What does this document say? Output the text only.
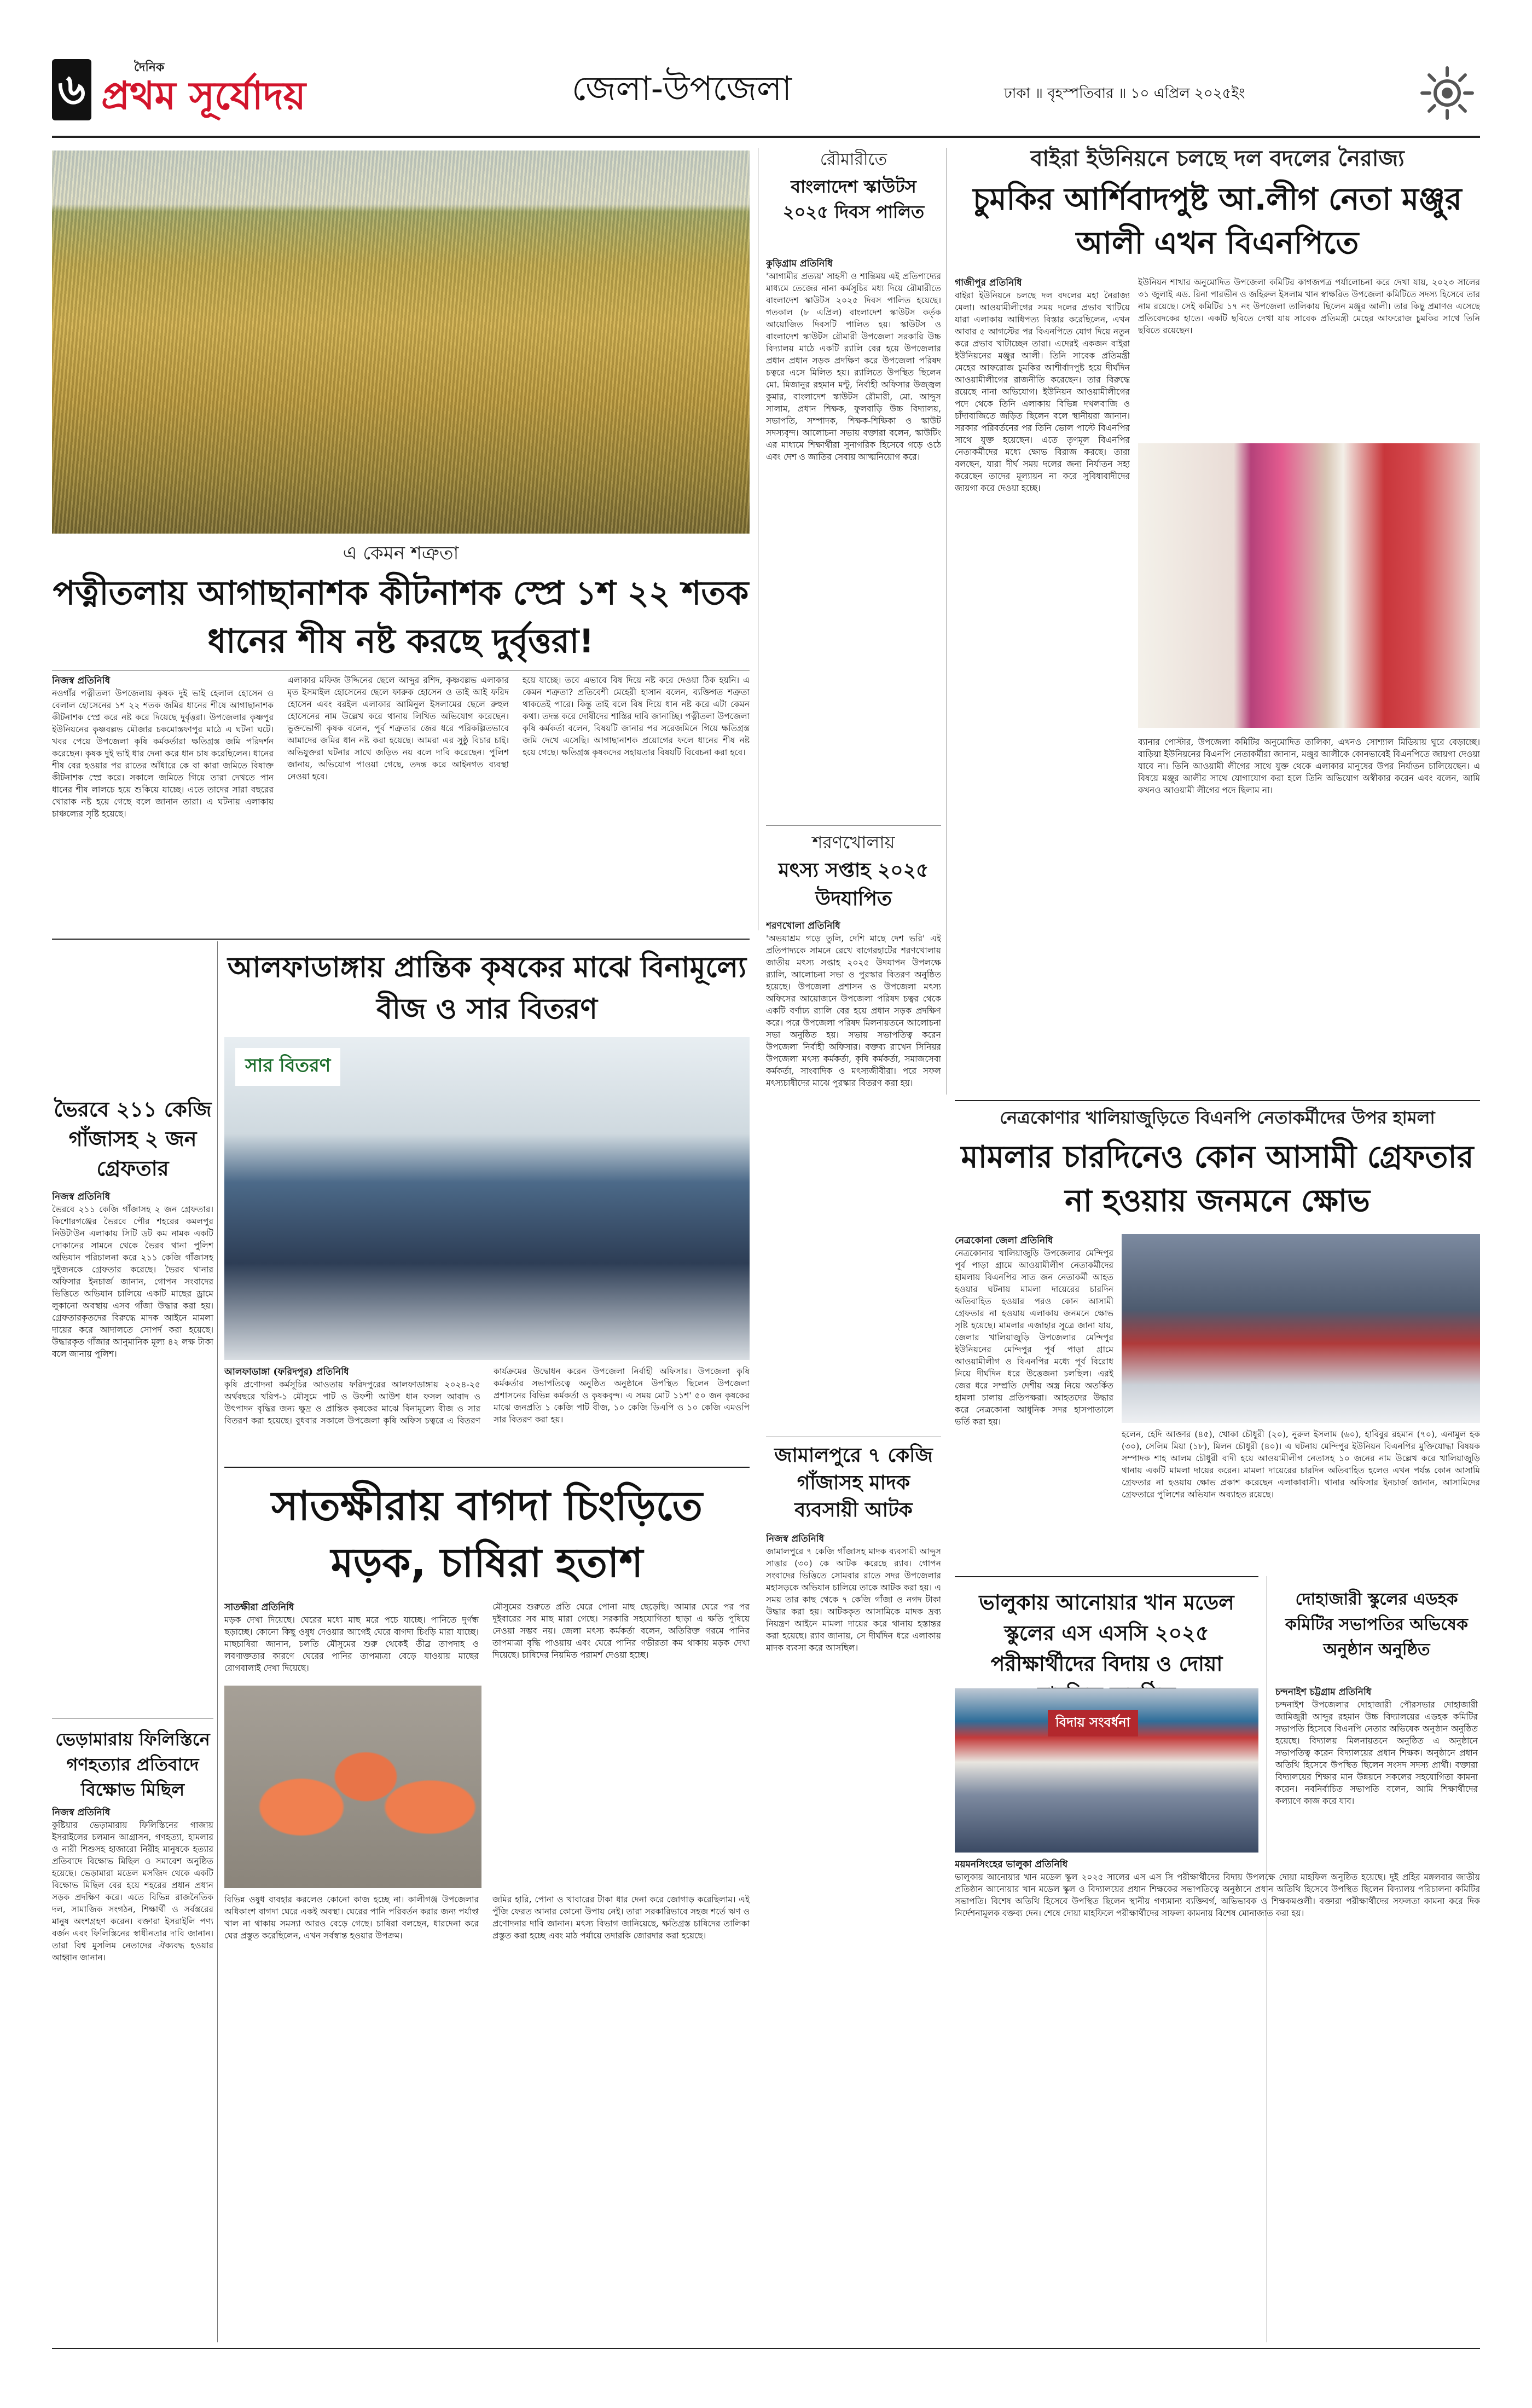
৬	দৈনিক
প্রথম সূর্যোদয়	জেলা-উপজেলা	ঢাকা ॥ বৃহস্পতিবার ॥ ১০ এপ্রিল ২০২৫ইং
এ কেমন শত্রুতা
পত্নীতলায় আগাছানাশক কীটনাশক স্প্রে ১শ ২২ শতক ধানের শীষ নষ্ট করছে দুর্বৃত্তরা!
নিজস্ব প্রতিনিধি
নওগাঁর পত্নীতলা উপজেলায় কৃষক দুই ভাই হেলাল হোসেন ও বেলাল হোসেনের ১শ ২২ শতক জমির ধানের শীষে আগাছানাশক কীটনাশক স্প্রে করে নষ্ট করে দিয়েছে দুর্বৃত্তরা। উপজেলার কৃষ্ণপুর ইউনিয়নের কৃষ্ণবল্লভ মৌজার চকমোস্তফাপুর মাঠে এ ঘটনা ঘটে। খবর পেয়ে উপজেলা কৃষি কর্মকর্তারা ক্ষতিগ্রস্ত জমি পরিদর্শন করেছেন। কৃষক দুই ভাই ধার দেনা করে ধান চাষ করেছিলেন। ধানের শীষ বের হওয়ার পর রাতের আঁধারে কে বা কারা জমিতে বিষাক্ত কীটনাশক স্প্রে করে। সকালে জমিতে গিয়ে তারা দেখতে পান ধানের শীষ লালচে হয়ে শুকিয়ে যাচ্ছে। এতে তাদের সারা বছরের খোরাক নষ্ট হয়ে গেছে বলে জানান তারা। এ ঘটনায় এলাকায় চাঞ্চল্যের সৃষ্টি হয়েছে।
এলাকার মফিজ উদ্দিনের ছেলে আব্দুর রশিদ, কৃষ্ণবল্লভ এলাকার মৃত ইসমাইল হোসেনের ছেলে ফারুক হোসেন ও তাই আই ফরিদ হোসেন এবং বরইল এলাকার আমিনুল ইসলামের ছেলে রুহুল হোসেনের নাম উল্লেখ করে থানায় লিখিত অভিযোগ করেছেন। ভুক্তভোগী কৃষক বলেন, পূর্ব শত্রুতার জের ধরে পরিকল্পিতভাবে আমাদের জমির ধান নষ্ট করা হয়েছে। আমরা এর সুষ্ঠু বিচার চাই। অভিযুক্তরা ঘটনার সাথে জড়িত নয় বলে দাবি করেছেন। পুলিশ জানায়, অভিযোগ পাওয়া গেছে, তদন্ত করে আইনগত ব্যবস্থা নেওয়া হবে।
হয়ে যাচ্ছে। তবে এভাবে বিষ দিয়ে নষ্ট করে দেওয়া ঠিক হয়নি। এ কেমন শত্রুতা? প্রতিবেশী মেহেরী হাসান বলেন, ব্যক্তিগত শত্রুতা থাকতেই পারে। কিন্তু তাই বলে বিষ দিয়ে ধান নষ্ট করে এটা কেমন কথা। তদন্ত করে দোষীদের শাস্তির দাবি জানাচ্ছি। পত্নীতলা উপজেলা কৃষি কর্মকর্তা বলেন, বিষয়টি জানার পর সরেজমিনে গিয়ে ক্ষতিগ্রস্ত জমি দেখে এসেছি। আগাছানাশক প্রয়োগের ফলে ধানের শীষ নষ্ট হয়ে গেছে। ক্ষতিগ্রস্ত কৃষকদের সহায়তার বিষয়টি বিবেচনা করা হবে।
রৌমারীতে
বাংলাদেশ স্কাউটস ২০২৫ দিবস পালিত
কুড়িগ্রাম প্রতিনিধি
'আগামীর প্রত্যয়' সাহসী ও শান্তিময় এই প্রতিপাদ্যের মাধ্যমে তেজের নানা কর্মসূচির মধ্য দিয়ে রৌমারীতে বাংলাদেশ স্কাউটস ২০২৫ দিবস পালিত হয়েছে। গতকাল (৮ এপ্রিল) বাংলাদেশ স্কাউটস কর্তৃক আয়োজিত দিবসটি পালিত হয়। স্কাউটস ও বাংলাদেশ স্কাউটস রৌমারী উপজেলা সরকারি উচ্চ বিদ্যালয় মাঠে একটি র‍্যালি বের হয়ে উপজেলার প্রধান প্রধান সড়ক প্রদক্ষিণ করে উপজেলা পরিষদ চত্বরে এসে মিলিত হয়। র‍্যালিতে উপস্থিত ছিলেন মো. মিজানুর রহমান মন্টু, নির্বাহী অফিসার উজ্জ্বল কুমার, বাংলাদেশ স্কাউটস রৌমারী, মো. আব্দুস সালাম, প্রধান শিক্ষক, ফুলবাড়ি উচ্চ বিদ্যালয়, সভাপতি, সম্পাদক, শিক্ষক-শিক্ষিকা ও স্কাউট সদস্যবৃন্দ। আলোচনা সভায় বক্তারা বলেন, স্কাউটিং এর মাধ্যমে শিক্ষার্থীরা সুনাগরিক হিসেবে গড়ে ওঠে এবং দেশ ও জাতির সেবায় আত্মনিয়োগ করে।
বাইরা ইউনিয়নে চলছে দল বদলের নৈরাজ্য
চুমকির আর্শিবাদপুষ্ট আ.লীগ নেতা মঞ্জুর আলী এখন বিএনপিতে
গাজীপুর প্রতিনিধি
বাইরা ইউনিয়নে চলছে দল বদলের মহা নৈরাজ্য মেলা। আওয়ামীলীগের সময় দলের প্রভাব খাটিয়ে যারা এলাকায় আধিপত্য বিস্তার করেছিলেন, এখন আবার ৫ আগস্টের পর বিএনপিতে যোগ দিয়ে নতুন করে প্রভাব খাটাচ্ছেন তারা। এদেরই একজন বাইরা ইউনিয়নের মঞ্জুর আলী। তিনি সাবেক প্রতিমন্ত্রী মেহের আফরোজ চুমকির আশীর্বাদপুষ্ট হয়ে দীর্ঘদিন আওয়ামীলীগের রাজনীতি করেছেন। তার বিরুদ্ধে রয়েছে নানা অভিযোগ। ইউনিয়ন আওয়ামীলীগের পদে থেকে তিনি এলাকায় বিভিন্ন দখলবাজি ও চাঁদাবাজিতে জড়িত ছিলেন বলে স্থানীয়রা জানান। সরকার পরিবর্তনের পর তিনি ভোল পাল্টে বিএনপির সাথে যুক্ত হয়েছেন। এতে তৃণমূল বিএনপির নেতাকর্মীদের মধ্যে ক্ষোভ বিরাজ করছে। তারা বলছেন, যারা দীর্ঘ সময় দলের জন্য নির্যাতন সহ্য করেছেন তাদের মূল্যায়ন না করে সুবিধাবাদীদের জায়গা করে দেওয়া হচ্ছে।
ইউনিয়ন শাখার অনুমোদিত উপজেলা কমিটির কাগজপত্র পর্যালোচনা করে দেখা যায়, ২০২৩ সালের ৩১ জুলাই এড. রিনা পারভীন ও জহিরুল ইসলাম খান স্বাক্ষরিত উপজেলা কমিটিতে সদস্য হিসেবে তার নাম রয়েছে। সেই কমিটির ১৭ নং উপজেলা তালিকায় ছিলেন মঞ্জুর আলী। তার কিছু প্রমাণও এসেছে প্রতিবেদকের হাতে। একটি ছবিতে দেখা যায় সাবেক প্রতিমন্ত্রী মেহের আফরোজ চুমকির সাথে তিনি ছবিতে রয়েছেন।
ব্যানার পোস্টার, উপজেলা কমিটির অনুমোদিত তালিকা, এখনও সোশ্যাল মিডিয়ায় ঘুরে বেড়াচ্ছে। বাড়িয়া ইউনিয়নের বিএনপি নেতাকর্মীরা জানান, মঞ্জুর আলীকে কোনভাবেই বিএনপিতে জায়গা দেওয়া যাবে না। তিনি আওয়ামী লীগের সাথে যুক্ত থেকে এলাকার মানুষের উপর নির্যাতন চালিয়েছেন। এ বিষয়ে মঞ্জুর আলীর সাথে যোগাযোগ করা হলে তিনি অভিযোগ অস্বীকার করেন এবং বলেন, আমি কখনও আওয়ামী লীগের পদে ছিলাম না।
আলফাডাঙ্গায় প্রান্তিক কৃষকের মাঝে বিনামূল্যে বীজ ও সার বিতরণ
সার বিতরণ
আলফাডাঙ্গা (ফরিদপুর) প্রতিনিধি
কৃষি প্রণোদনা কর্মসূচির আওতায় ফরিদপুরের আলফাডাঙ্গায় ২০২৪-২৫ অর্থবছরে খরিপ-১ মৌসুমে পাট ও উফশী আউশ ধান ফসল আবাদ ও উৎপাদন বৃদ্ধির জন্য ক্ষুদ্র ও প্রান্তিক কৃষকের মাঝে বিনামূল্যে বীজ ও সার বিতরণ করা হয়েছে। বুধবার সকালে উপজেলা কৃষি অফিস চত্বরে এ বিতরণ কার্যক্রমের উদ্বোধন করেন উপজেলা নির্বাহী অফিসার। উপজেলা কৃষি কর্মকর্তার সভাপতিত্বে অনুষ্ঠিত অনুষ্ঠানে উপস্থিত ছিলেন উপজেলা প্রশাসনের বিভিন্ন কর্মকর্তা ও কৃষকবৃন্দ। এ সময় মোট ১১শ' ৫০ জন কৃষকের মাঝে জনপ্রতি ১ কেজি পাট বীজ, ১০ কেজি ডিএপি ও ১০ কেজি এমওপি সার বিতরণ করা হয়।
ভৈরবে ২১১ কেজি গাঁজাসহ ২ জন গ্রেফতার
নিজস্ব প্রতিনিধি
ভৈরবে ২১১ কেজি গাঁজাসহ ২ জন গ্রেফতার। কিশোরগঞ্জের ভৈরবে পৌর শহরের কমলপুর নিউটাউন এলাকায় সিটি ডট কম নামক একটি দোকানের সামনে থেকে ভৈরব থানা পুলিশ অভিযান পরিচালনা করে ২১১ কেজি গাঁজাসহ দুইজনকে গ্রেফতার করেছে। ভৈরব থানার অফিসার ইনচার্জ জানান, গোপন সংবাদের ভিত্তিতে অভিযান চালিয়ে একটি মাছের ড্রামে লুকানো অবস্থায় এসব গাঁজা উদ্ধার করা হয়। গ্রেফতারকৃতদের বিরুদ্ধে মাদক আইনে মামলা দায়ের করে আদালতে সোপর্দ করা হয়েছে। উদ্ধারকৃত গাঁজার আনুমানিক মূল্য ৪২ লক্ষ টাকা বলে জানায় পুলিশ।
ভেড়ামারায় ফিলিস্তিনে গণহত্যার প্রতিবাদে বিক্ষোভ মিছিল
নিজস্ব প্রতিনিধি
কুষ্টিয়ার ভেড়ামারায় ফিলিস্তিনের গাজায় ইসরাইলের চলমান আগ্রাসন, গণহত্যা, হামলার ও নারী শিশুসহ হাজারো নিরীহ মানুষকে হত্যার প্রতিবাদে বিক্ষোভ মিছিল ও সমাবেশ অনুষ্ঠিত হয়েছে। ভেড়ামারা মডেল মসজিদ থেকে একটি বিক্ষোভ মিছিল বের হয়ে শহরের প্রধান প্রধান সড়ক প্রদক্ষিণ করে। এতে বিভিন্ন রাজনৈতিক দল, সামাজিক সংগঠন, শিক্ষার্থী ও সর্বস্তরের মানুষ অংশগ্রহণ করেন। বক্তারা ইসরাইলি পণ্য বর্জন এবং ফিলিস্তিনের স্বাধীনতার দাবি জানান। তারা বিশ্ব মুসলিম নেতাদের ঐক্যবদ্ধ হওয়ার আহ্বান জানান।
শরণখোলায়
মৎস্য সপ্তাহ ২০২৫ উদযাপিত
শরণখোলা প্রতিনিধি
'অভয়াশ্রম গড়ে তুলি, দেশি মাছে দেশ ভরি' এই প্রতিপাদ্যকে সামনে রেখে বাগেরহাটের শরণখোলায় জাতীয় মৎস্য সপ্তাহ ২০২৫ উদযাপন উপলক্ষে র‍্যালি, আলোচনা সভা ও পুরস্কার বিতরণ অনুষ্ঠিত হয়েছে। উপজেলা প্রশাসন ও উপজেলা মৎস্য অফিসের আয়োজনে উপজেলা পরিষদ চত্বর থেকে একটি বর্ণাঢ্য র‍্যালি বের হয়ে প্রধান সড়ক প্রদক্ষিণ করে। পরে উপজেলা পরিষদ মিলনায়তনে আলোচনা সভা অনুষ্ঠিত হয়। সভায় সভাপতিত্ব করেন উপজেলা নির্বাহী অফিসার। বক্তব্য রাখেন সিনিয়র উপজেলা মৎস্য কর্মকর্তা, কৃষি কর্মকর্তা, সমাজসেবা কর্মকর্তা, সাংবাদিক ও মৎস্যজীবীরা। পরে সফল মৎস্যচাষীদের মাঝে পুরস্কার বিতরণ করা হয়।
জামালপুরে ৭ কেজি গাঁজাসহ মাদক ব্যবসায়ী আটক
নিজস্ব প্রতিনিধি
জামালপুরে ৭ কেজি গাঁজাসহ মাদক ব্যবসায়ী আব্দুস সাত্তার (৩০) কে আটক করেছে র‍্যাব। গোপন সংবাদের ভিত্তিতে সোমবার রাতে সদর উপজেলার মহাসড়কে অভিযান চালিয়ে তাকে আটক করা হয়। এ সময় তার কাছ থেকে ৭ কেজি গাঁজা ও নগদ টাকা উদ্ধার করা হয়। আটককৃত আসামিকে মাদক দ্রব্য নিয়ন্ত্রণ আইনে মামলা দায়ের করে থানায় হস্তান্তর করা হয়েছে। র‍্যাব জানায়, সে দীর্ঘদিন ধরে এলাকায় মাদক ব্যবসা করে আসছিল।
নেত্রকোণার খালিয়াজুড়িতে বিএনপি নেতাকর্মীদের উপর হামলা
মামলার চারদিনেও কোন আসামী গ্রেফতার না হওয়ায় জনমনে ক্ষোভ
নেত্রকোনা জেলা প্রতিনিধি
নেত্রকোনার খালিয়াজুড়ি উপজেলার মেন্দিপুর পূর্ব পাড়া গ্রামে আওয়ামীলীগ নেতাকর্মীদের হামলায় বিএনপির সাত জন নেতাকর্মী আহত হওয়ার ঘটনায় মামলা দায়েরের চারদিন অতিবাহিত হওয়ার পরও কোন আসামী গ্রেফতার না হওয়ায় এলাকায় জনমনে ক্ষোভ সৃষ্টি হয়েছে। মামলার এজাহার সূত্রে জানা যায়, জেলার খালিয়াজুড়ি উপজেলার মেন্দিপুর ইউনিয়নের মেন্দিপুর পূর্ব পাড়া গ্রামে আওয়ামীলীগ ও বিএনপির মধ্যে পূর্ব বিরোধ নিয়ে দীর্ঘদিন ধরে উত্তেজনা চলছিল। এরই জের ধরে সম্প্রতি দেশীয় অস্ত্র নিয়ে অতর্কিত হামলা চালায় প্রতিপক্ষরা। আহতদের উদ্ধার করে নেত্রকোনা আধুনিক সদর হাসপাতালে ভর্তি করা হয়।
হলেন, হেদি আক্তার (৪৫), খোকা চৌধুরী (২০), নুরুল ইসলাম (৬০), হাবিবুর রহমান (৭০), এনামুল হক (৩০), সেলিম মিয়া (১৮), মিলন চৌধুরী (৪০)। এ ঘটনায় মেন্দিপুর ইউনিয়ন বিএনপির মুক্তিযোদ্ধা বিষয়ক সম্পাদক শাহ আলম চৌধুরী বাদী হয়ে আওয়ামীলীগ নেতাসহ ১০ জনের নাম উল্লেখ করে খালিয়াজুড়ি থানায় একটি মামলা দায়ের করেন। মামলা দায়েরের চারদিন অতিবাহিত হলেও এখন পর্যন্ত কোন আসামি গ্রেফতার না হওয়ায় ক্ষোভ প্রকাশ করেছেন এলাকাবাসী। থানার অফিসার ইনচার্জ জানান, আসামিদের গ্রেফতারে পুলিশের অভিযান অব্যাহত রয়েছে।
সাতক্ষীরায় বাগদা চিংড়িতে মড়ক, চাষিরা হতাশ
সাতক্ষীরা প্রতিনিধি
মড়ক দেখা দিয়েছে। ঘেরের মধ্যে মাছ মরে পচে যাচ্ছে। পানিতে দুর্গন্ধ ছড়াচ্ছে। কোনো কিছু ওষুধ দেওয়ার আগেই ঘেরে বাগদা চিংড়ি মারা যাচ্ছে। মাছচাষিরা জানান, চলতি মৌসুমের শুরু থেকেই তীব্র তাপদাহ ও লবণাক্ততার কারণে ঘেরের পানির তাপমাত্রা বেড়ে যাওয়ায় মাছের রোগবালাই দেখা দিয়েছে।
মৌসুমের শুরুতে প্রতি ঘেরে পোনা মাছ ছেড়েছি। আমার ঘেরে পর পর দুইবারের সব মাছ মারা গেছে। সরকারি সহযোগিতা ছাড়া এ ক্ষতি পুষিয়ে নেওয়া সম্ভব নয়। জেলা মৎস্য কর্মকর্তা বলেন, অতিরিক্ত গরমে পানির তাপমাত্রা বৃদ্ধি পাওয়ায় এবং ঘেরে পানির গভীরতা কম থাকায় মড়ক দেখা দিয়েছে। চাষিদের নিয়মিত পরামর্শ দেওয়া হচ্ছে।
বিভিন্ন ওষুধ ব্যবহার করলেও কোনো কাজ হচ্ছে না। কালীগঞ্জ উপজেলার অধিকাংশ বাগদা ঘেরে একই অবস্থা। ঘেরের পানি পরিবর্তন করার জন্য পর্যাপ্ত খাল না থাকায় সমস্যা আরও বেড়ে গেছে। চাষিরা বলছেন, ধারদেনা করে ঘের প্রস্তুত করেছিলেন, এখন সর্বস্বান্ত হওয়ার উপক্রম।
জমির হারি, পোনা ও খাবারের টাকা ধার দেনা করে জোগাড় করেছিলাম। এই পুঁজি ফেরত আনার কোনো উপায় নেই। তারা সরকারিভাবে সহজ শর্তে ঋণ ও প্রণোদনার দাবি জানান। মৎস্য বিভাগ জানিয়েছে, ক্ষতিগ্রস্ত চাষিদের তালিকা প্রস্তুত করা হচ্ছে এবং মাঠ পর্যায়ে তদারকি জোরদার করা হয়েছে।
ভালুকায় আনোয়ার খান মডেল স্কুলের এস এসসি ২০২৫ পরীক্ষার্থীদের বিদায় ও দোয়া
বিদায় সংবর্ধনা
ময়মনসিংহের ভালুকা প্রতিনিধি
ভালুকায় আনোয়ার খান মডেল স্কুল ২০২৫ সালের এস এস সি পরীক্ষার্থীদের বিদায় উপলক্ষে দোয়া মাহফিল অনুষ্ঠিত হয়েছে। দুই প্রহির মঙ্গলবার জাতীয় প্রতিষ্ঠান আনোয়ার খান মডেল স্কুল ও বিদ্যালয়ের প্রধান শিক্ষকের সভাপতিত্বে অনুষ্ঠানে প্রধান অতিথি হিসেবে উপস্থিত ছিলেন বিদ্যালয় পরিচালনা কমিটির সভাপতি। বিশেষ অতিথি হিসেবে উপস্থিত ছিলেন স্থানীয় গণ্যমান্য ব্যক্তিবর্গ, অভিভাবক ও শিক্ষকমণ্ডলী। বক্তারা পরীক্ষার্থীদের সফলতা কামনা করে দিক নির্দেশনামূলক বক্তব্য দেন। শেষে দোয়া মাহফিলে পরীক্ষার্থীদের সাফল্য কামনায় বিশেষ মোনাজাত করা হয়।
দোহাজারী স্কুলের এডহক কমিটির সভাপতির অভিষেক অনুষ্ঠান অনুষ্ঠিত
চন্দনাইশ চট্টগ্রাম প্রতিনিধি
চন্দনাইশ উপজেলার দোহাজারী পৌরসভার দোহাজারী জামিজুরী আব্দুর রহমান উচ্চ বিদ্যালয়ের এডহক কমিটির সভাপতি হিসেবে বিএনপি নেতার অভিষেক অনুষ্ঠান অনুষ্ঠিত হয়েছে। বিদ্যালয় মিলনায়তনে অনুষ্ঠিত এ অনুষ্ঠানে সভাপতিত্ব করেন বিদ্যালয়ের প্রধান শিক্ষক। অনুষ্ঠানে প্রধান অতিথি হিসেবে উপস্থিত ছিলেন সংসদ সদস্য প্রার্থী। বক্তারা বিদ্যালয়ের শিক্ষার মান উন্নয়নে সকলের সহযোগিতা কামনা করেন। নবনির্বাচিত সভাপতি বলেন, আমি শিক্ষার্থীদের কল্যাণে কাজ করে যাব।
